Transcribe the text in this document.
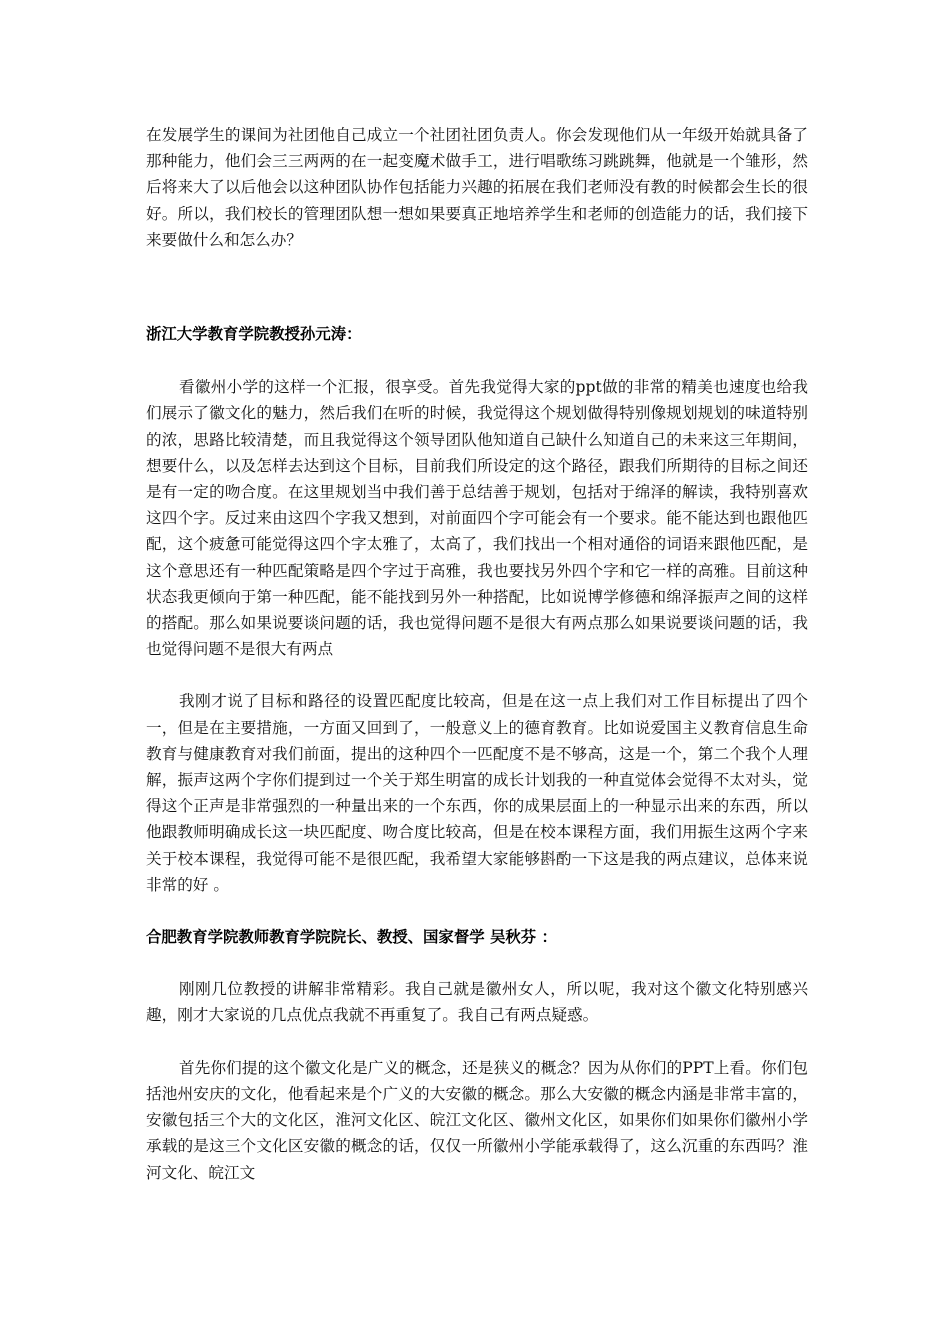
在发展学生的课间为社团他自己成立一个社团社团负责人。你会发现他们从一年级开始就具备了那种能力，他们会三三两两的在一起变魔术做手工，进行唱歌练习跳跳舞，他就是一个雏形，然后将来大了以后他会以这种团队协作包括能力兴趣的拓展在我们老师没有教的时候都会生长的很好。所以，我们校长的管理团队想一想如果要真正地培养学生和老师的创造能力的话，我们接下来要做什么和怎么办？

浙江大学教育学院教授孙元涛：

看徽州小学的这样一个汇报，很享受。首先我觉得大家的ppt做的非常的精美也速度也给我们展示了徽文化的魅力，然后我们在听的时候，我觉得这个规划做得特别像规划规划的味道特别的浓，思路比较清楚，而且我觉得这个领导团队他知道自己缺什么知道自己的未来这三年期间，想要什么，以及怎样去达到这个目标，目前我们所设定的这个路径，跟我们所期待的目标之间还是有一定的吻合度。在这里规划当中我们善于总结善于规划，包括对于绵泽的解读，我特别喜欢这四个字。反过来由这四个字我又想到，对前面四个字可能会有一个要求。能不能达到也跟他匹配，这个疲惫可能觉得这四个字太雅了，太高了，我们找出一个相对通俗的词语来跟他匹配，是这个意思还有一种匹配策略是四个字过于高雅，我也要找另外四个字和它一样的高雅。目前这种状态我更倾向于第一种匹配，能不能找到另外一种搭配，比如说博学修德和绵泽振声之间的这样的搭配。那么如果说要谈问题的话，我也觉得问题不是很大有两点那么如果说要谈问题的话，我也觉得问题不是很大有两点

我刚才说了目标和路径的设置匹配度比较高，但是在这一点上我们对工作目标提出了四个一，但是在主要措施，一方面又回到了，一般意义上的德育教育。比如说爱国主义教育信息生命教育与健康教育对我们前面，提出的这种四个一匹配度不是不够高，这是一个，第二个我个人理解，振声这两个字你们提到过一个关于郑生明富的成长计划我的一种直觉体会觉得不太对头，觉得这个正声是非常强烈的一种量出来的一个东西，你的成果层面上的一种显示出来的东西，所以他跟教师明确成长这一块匹配度、吻合度比较高，但是在校本课程方面，我们用振生这两个字来关于校本课程，我觉得可能不是很匹配，我希望大家能够斟酌一下这是我的两点建议，总体来说非常的好 。

合肥教育学院教师教育学院院长、教授、国家督学 吴秋芬 ：

刚刚几位教授的讲解非常精彩。我自己就是徽州女人，所以呢，我对这个徽文化特别感兴趣，刚才大家说的几点优点我就不再重复了。我自己有两点疑惑。

首先你们提的这个徽文化是广义的概念，还是狭义的概念？因为从你们的PPT上看。你们包括池州安庆的文化，他看起来是个广义的大安徽的概念。那么大安徽的概念内涵是非常丰富的，安徽包括三个大的文化区，淮河文化区、皖江文化区、徽州文化区，如果你们如果你们徽州小学承载的是这三个文化区安徽的概念的话，仅仅一所徽州小学能承载得了，这么沉重的东西吗？淮河文化、皖江文
